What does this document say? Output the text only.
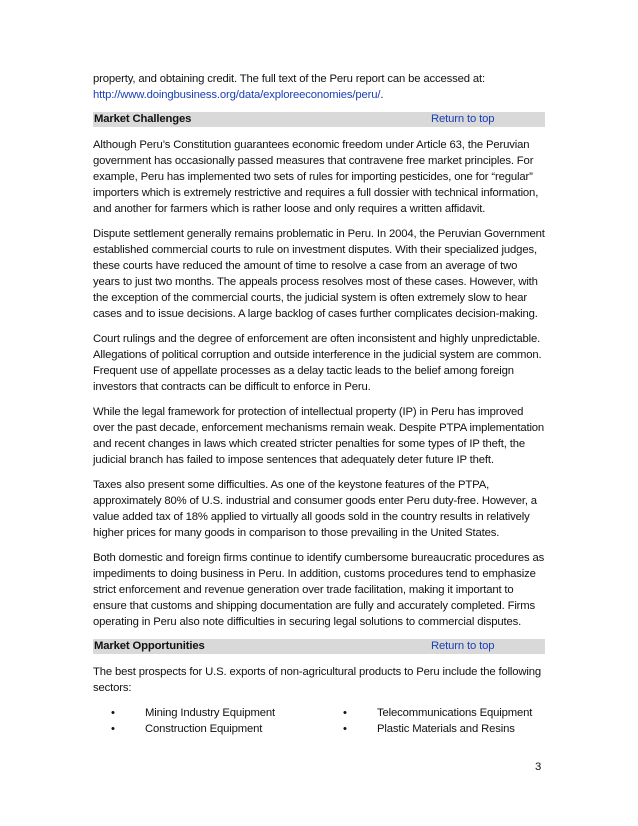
property, and obtaining credit. The full text of the Peru report can be accessed at: http://www.doingbusiness.org/data/exploreeconomies/peru/.

Market Challenges	Return to top

Although Peru’s Constitution guarantees economic freedom under Article 63, the Peruvian government has occasionally passed measures that contravene free market principles. For example, Peru has implemented two sets of rules for importing pesticides, one for “regular” importers which is extremely restrictive and requires a full dossier with technical information, and another for farmers which is rather loose and only requires a written affidavit.

Dispute settlement generally remains problematic in Peru. In 2004, the Peruvian Government established commercial courts to rule on investment disputes. With their specialized judges, these courts have reduced the amount of time to resolve a case from an average of two years to just two months. The appeals process resolves most of these cases. However, with the exception of the commercial courts, the judicial system is often extremely slow to hear cases and to issue decisions. A large backlog of cases further complicates decision-making.

Court rulings and the degree of enforcement are often inconsistent and highly unpredictable. Allegations of political corruption and outside interference in the judicial system are common. Frequent use of appellate processes as a delay tactic leads to the belief among foreign investors that contracts can be difficult to enforce in Peru.

While the legal framework for protection of intellectual property (IP) in Peru has improved over the past decade, enforcement mechanisms remain weak. Despite PTPA implementation and recent changes in laws which created stricter penalties for some types of IP theft, the judicial branch has failed to impose sentences that adequately deter future IP theft.

Taxes also present some difficulties. As one of the keystone features of the PTPA, approximately 80% of U.S. industrial and consumer goods enter Peru duty-free. However, a value added tax of 18% applied to virtually all goods sold in the country results in relatively higher prices for many goods in comparison to those prevailing in the United States.

Both domestic and foreign firms continue to identify cumbersome bureaucratic procedures as impediments to doing business in Peru. In addition, customs procedures tend to emphasize strict enforcement and revenue generation over trade facilitation, making it important to ensure that customs and shipping documentation are fully and accurately completed. Firms operating in Peru also note difficulties in securing legal solutions to commercial disputes.

Market Opportunities	Return to top

The best prospects for U.S. exports of non-agricultural products to Peru include the following sectors:

•	Mining Industry Equipment
•	Construction Equipment
•	Telecommunications Equipment
•	Plastic Materials and Resins
3
